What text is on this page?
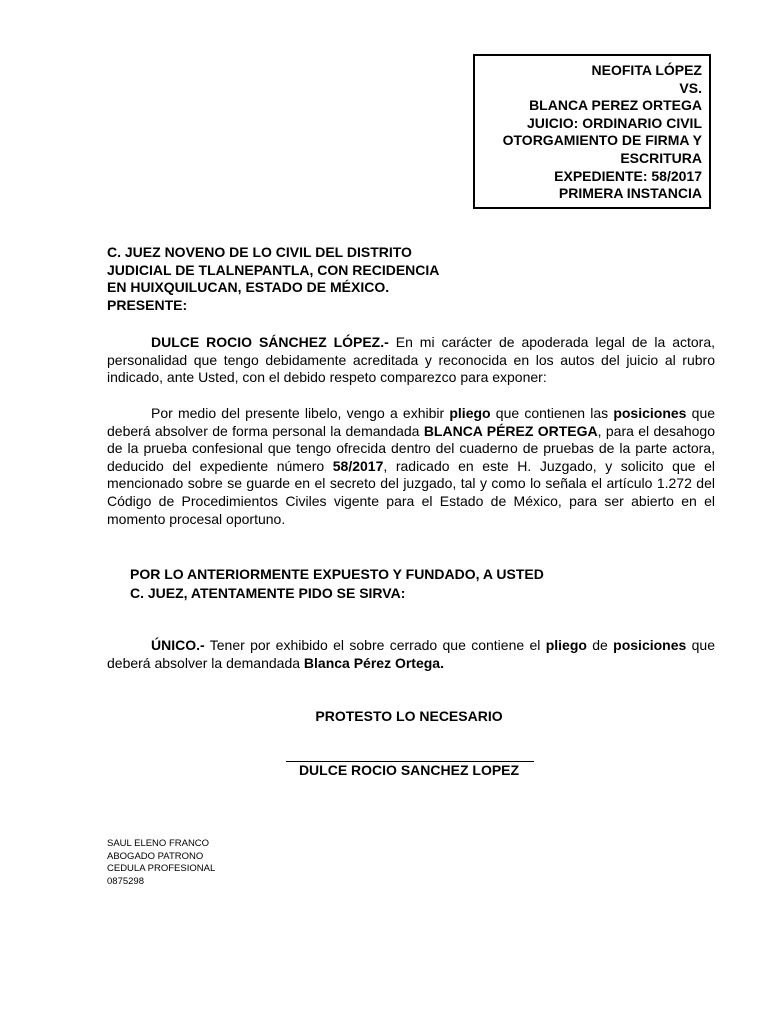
NEOFITA LÓPEZ
VS.
BLANCA PEREZ ORTEGA
JUICIO: ORDINARIO CIVIL
OTORGAMIENTO DE FIRMA Y
ESCRITURA
EXPEDIENTE: 58/2017
PRIMERA INSTANCIA
C. JUEZ NOVENO DE LO CIVIL DEL DISTRITO
JUDICIAL DE TLALNEPANTLA, CON RECIDENCIA
EN HUIXQUILUCAN, ESTADO DE MÉXICO.
PRESENTE:
DULCE ROCIO SÁNCHEZ LÓPEZ.- En mi carácter de apoderada legal de la actora, personalidad que tengo debidamente acreditada y reconocida en los autos del juicio al rubro indicado, ante Usted, con el debido respeto comparezco para exponer:
Por medio del presente libelo, vengo a exhibir pliego que contienen las posiciones que deberá absolver de forma personal la demandada BLANCA PÉREZ ORTEGA, para el desahogo de la prueba confesional que tengo ofrecida dentro del cuaderno de pruebas de la parte actora, deducido del expediente número 58/2017, radicado en este H. Juzgado, y solicito que el mencionado sobre se guarde en el secreto del juzgado, tal y como lo señala el artículo 1.272 del Código de Procedimientos Civiles vigente para el Estado de México, para ser abierto en el momento procesal oportuno.
POR LO ANTERIORMENTE EXPUESTO Y FUNDADO, A USTED
C. JUEZ, ATENTAMENTE PIDO SE SIRVA:
ÚNICO.- Tener por exhibido el sobre cerrado que contiene el pliego de posiciones que deberá absolver la demandada Blanca Pérez Ortega.
PROTESTO LO NECESARIO
DULCE ROCIO SANCHEZ LOPEZ
SAUL ELENO FRANCO
ABOGADO PATRONO
CEDULA PROFESIONAL
0875298
